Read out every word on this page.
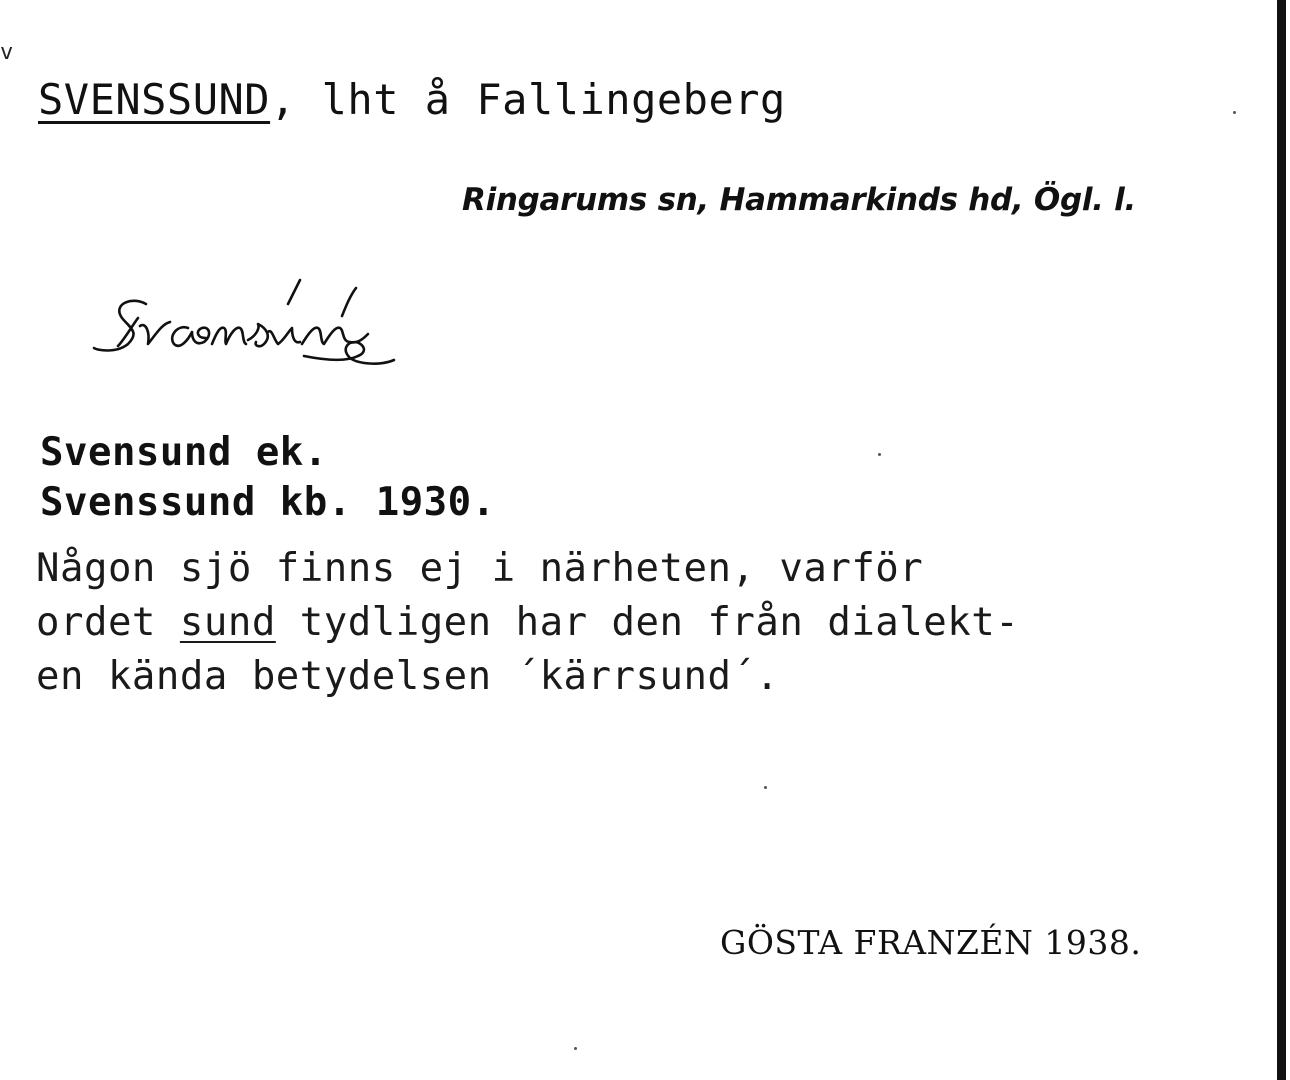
v
SVENSSUND, lht å Fallingeberg
Ringarums sn, Hammarkinds hd, Ögl. l.
Svensund ek.
Svenssund kb. 1930.
Någon sjö finns ej i närheten, varför
ordet sund tydligen har den från dialekt-
en kända betydelsen ´kärrsund´.
GÖSTA FRANZÉN 1938.
